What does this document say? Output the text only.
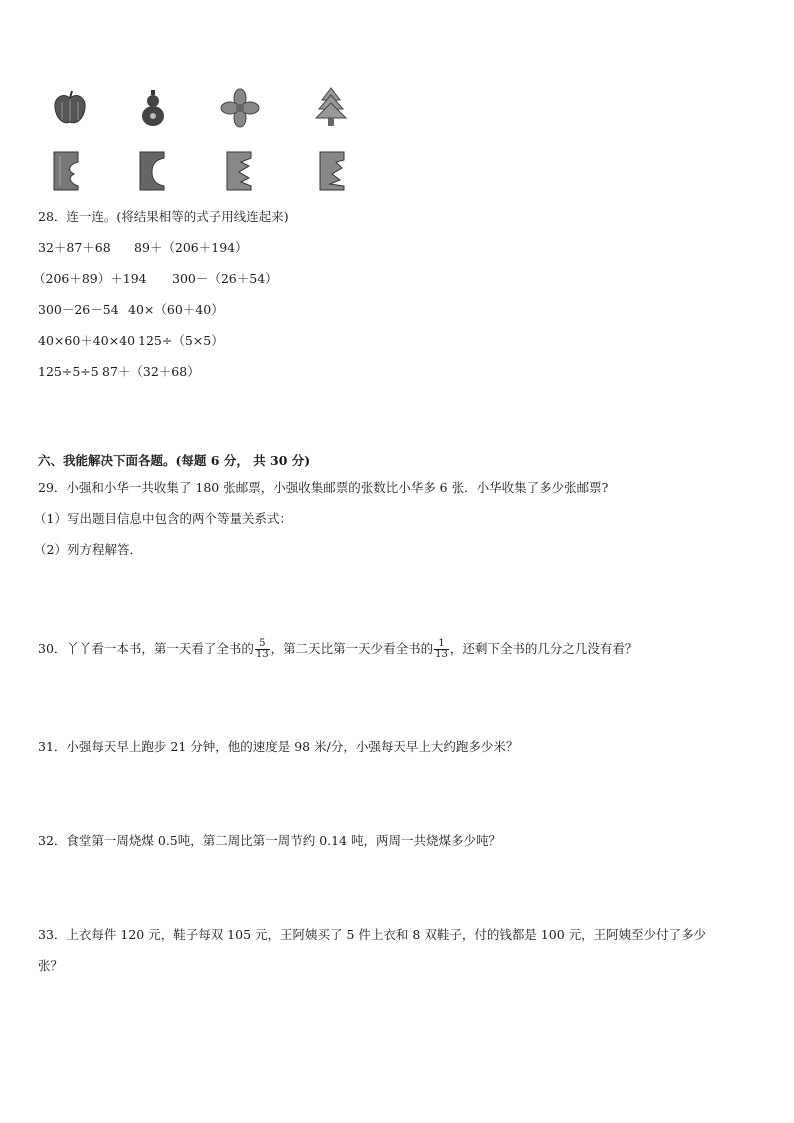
28．连一连。(将结果相等的式子用线连起来)
32＋87＋68 89＋（206＋194）
（206＋89）＋194 300－（26＋54）
300－26－54 40×（60＋40）
40×60＋40×40 125÷（5×5）
125÷5÷5 87＋（32＋68）
六、我能解决下面各题。(每题 6 分， 共 30 分)
29．小强和小华一共收集了 180 张邮票，小强收集邮票的张数比小华多 6 张．小华收集了多少张邮票?
（1）写出题目信息中包含的两个等量关系式：
（2）列方程解答．
30．丫丫看一本书，第一天看了全书的 $\frac{5}{13}$ ，第二天比第一天少看全书的 $\frac{1}{13}$ ，还剩下全书的几分之几没有看？
31．小强每天早上跑步 21 分钟，他的速度是 98 米/分，小强每天早上大约跑多少米？
32．食堂第一周烧煤 0.5吨，第二周比第一周节约 0.14 吨，两周一共烧煤多少吨？
33．上衣每件 120 元，鞋子每双 105 元，王阿姨买了 5 件上衣和 8 双鞋子，付的钱都是 100 元，王阿姨至少付了多少
张？
